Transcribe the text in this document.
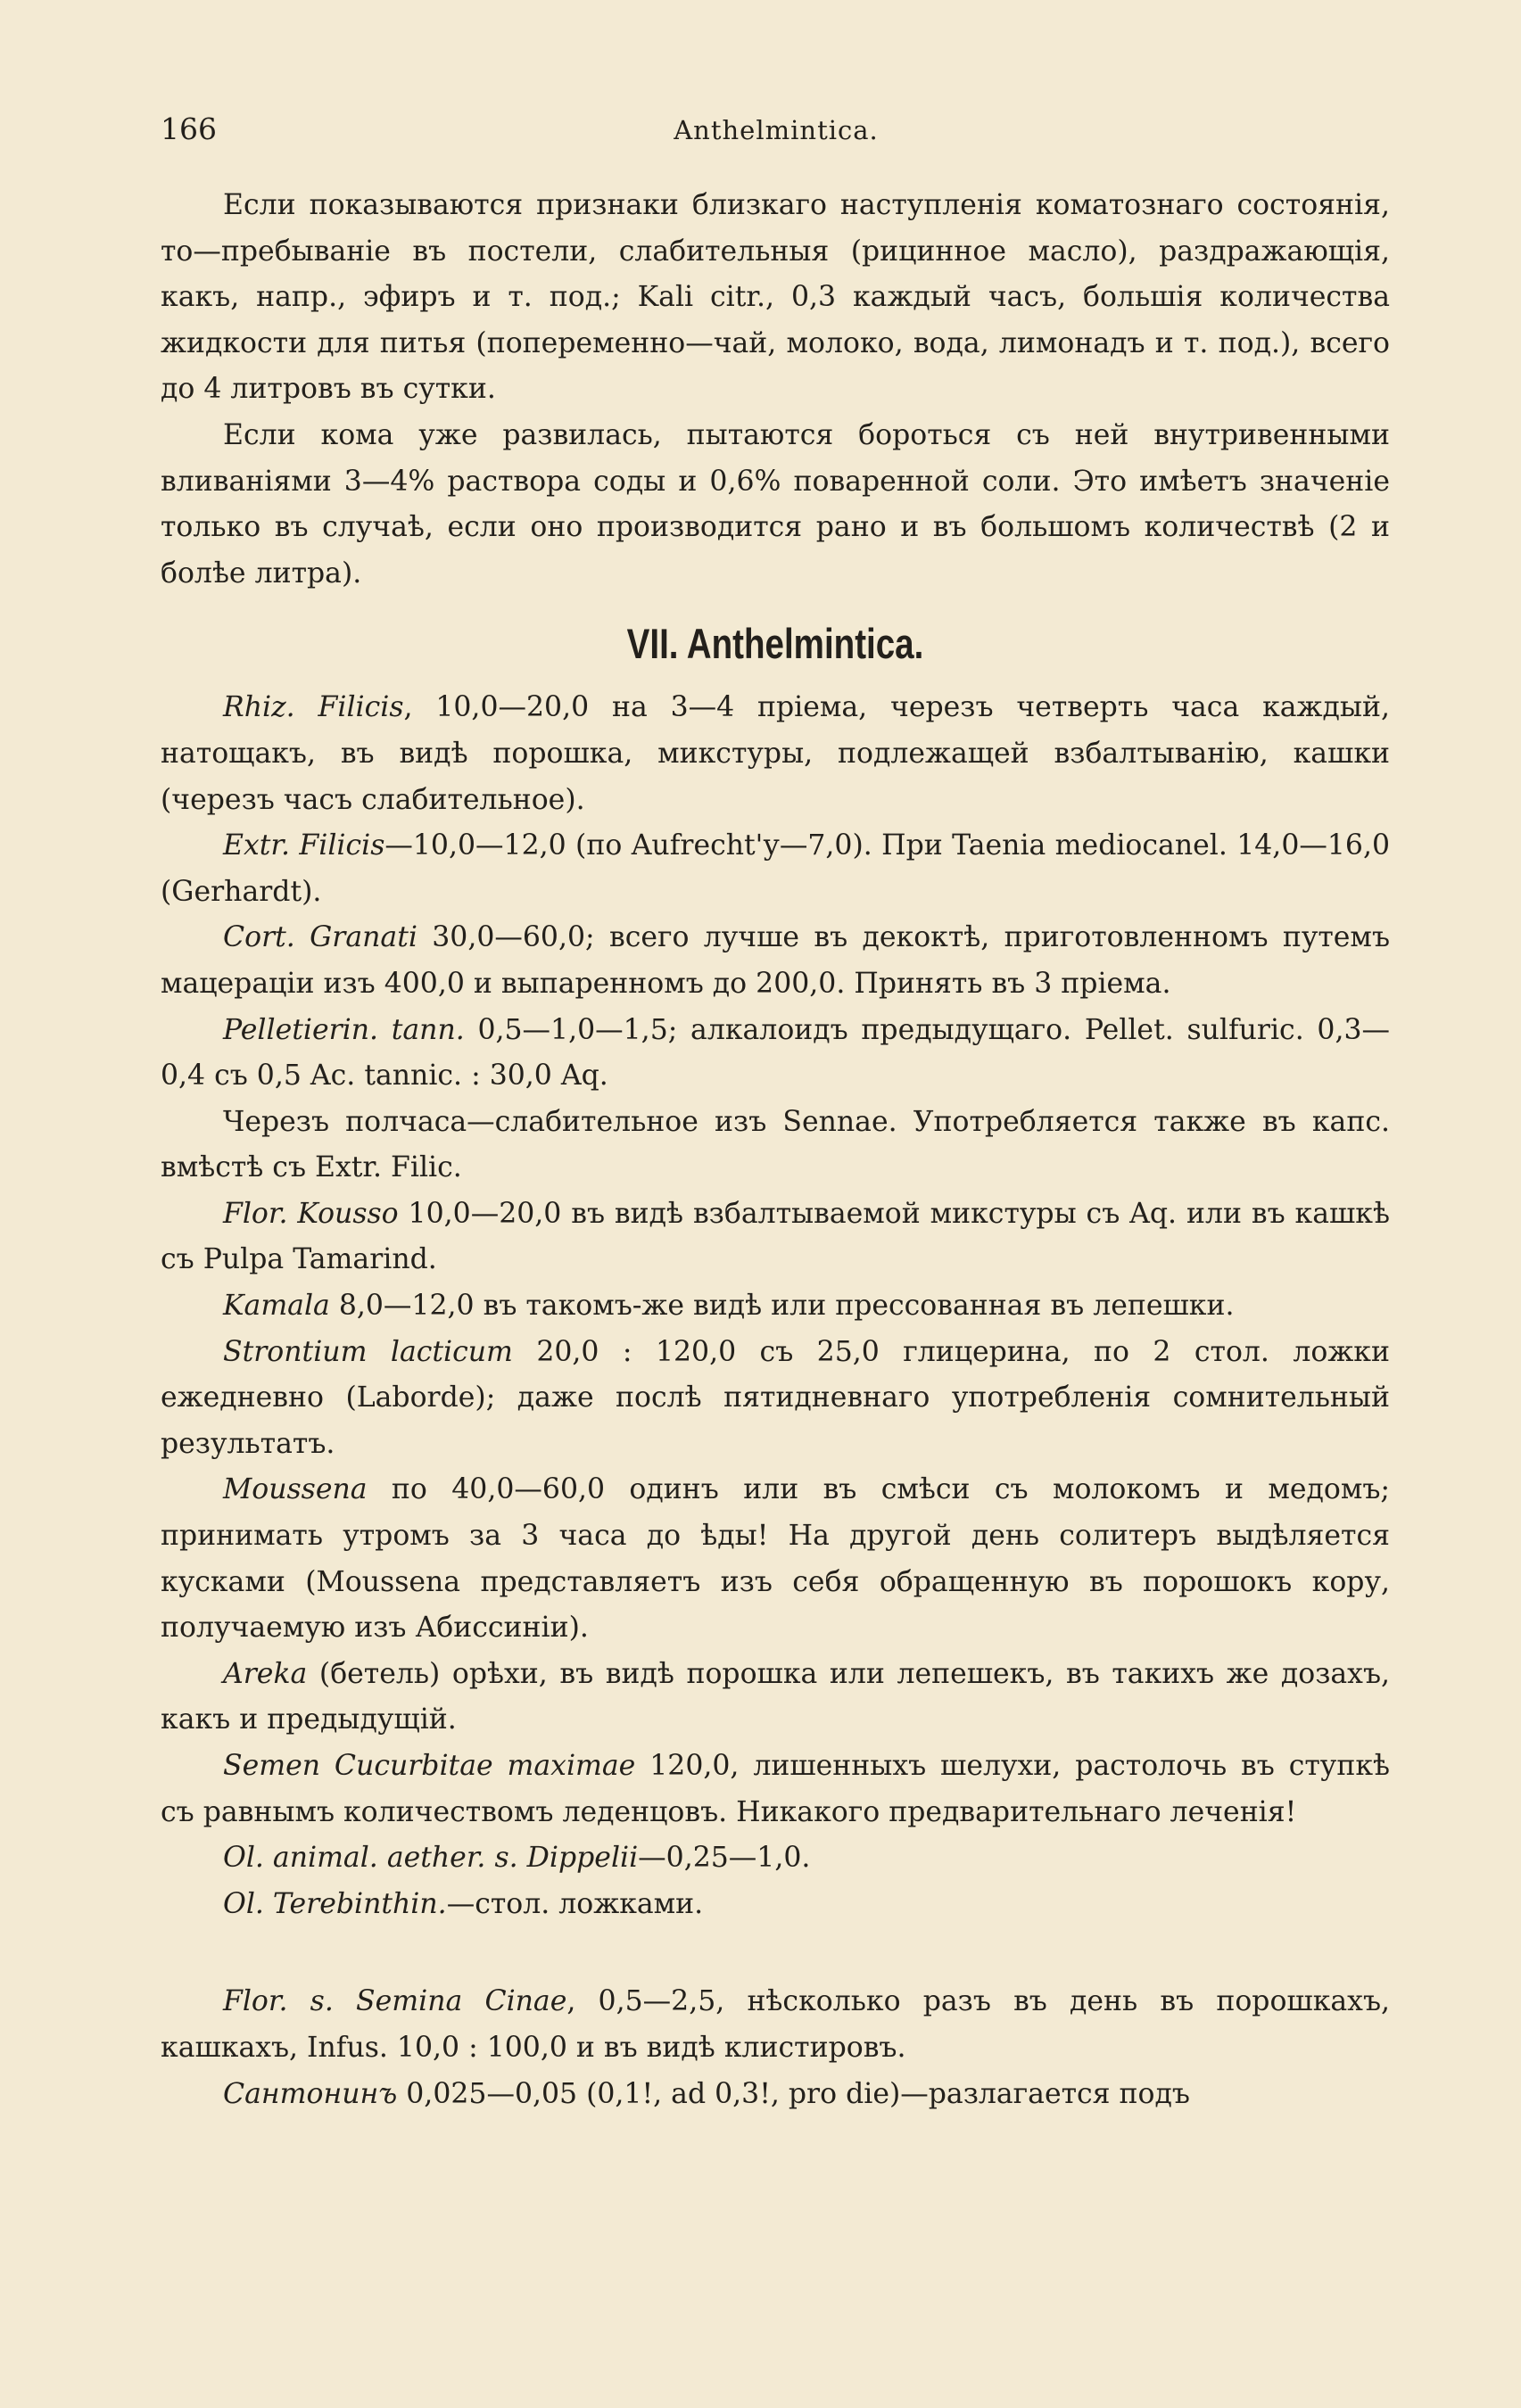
166	Anthelmintica.

Если показываются признаки близкаго наступленія коматознаго состоянія, то—пребываніе въ постели, слабительныя (рицинное масло), раздражающія, какъ, напр., эфиръ и т. под.; Kali citr., 0,3 каждый часъ, большія количества жидкости для питья (попеременно—чай, молоко, вода, лимонадъ и т. под.), всего до 4 литровъ въ сутки.

Если кома уже развилась, пытаются бороться съ ней внутривенными вливаніями 3—4% раствора соды и 0,6% поваренной соли. Это имѣетъ значеніе только въ случаѣ, если оно производится рано и въ большомъ количествѣ (2 и болѣе литра).

VII. Anthelmintica.

Rhiz. Filicis, 10,0—20,0 на 3—4 пріема, черезъ четверть часа каждый, натощакъ, въ видѣ порошка, микстуры, подлежащей взбалтыванію, кашки (черезъ часъ слабительное).

Extr. Filicis—10,0—12,0 (по Aufrecht'у—7,0). При Taenia mediocanel. 14,0—16,0 (Gerhardt).

Cort. Granati 30,0—60,0; всего лучше въ декоктѣ, приготовленномъ путемъ мацераціи изъ 400,0 и выпаренномъ до 200,0. Принять въ 3 пріема.

Pelletierin. tann. 0,5—1,0—1,5; алкалоидъ предыдущаго. Pellet. sulfuric. 0,3—0,4 съ 0,5 Ac. tannic. : 30,0 Aq.

Черезъ полчаса—слабительное изъ Sennae. Употребляется также въ капс. вмѣстѣ съ Extr. Filic.

Flor. Kousso 10,0—20,0 въ видѣ взбалтываемой микстуры съ Aq. или въ кашкѣ съ Pulpa Tamarind.

Kamala 8,0—12,0 въ такомъ-же видѣ или прессованная въ лепешки.

Strontium lacticum 20,0 : 120,0 съ 25,0 глицерина, по 2 стол. ложки ежедневно (Laborde); даже послѣ пятидневнаго употребленія сомнительный результатъ.

Moussena по 40,0—60,0 одинъ или въ смѣси съ молокомъ и медомъ; принимать утромъ за 3 часа до ѣды! На другой день солитеръ выдѣляется кусками (Moussena представляетъ изъ себя обращенную въ порошокъ кору, получаемую изъ Абиссиніи).

Areka (бетель) орѣхи, въ видѣ порошка или лепешекъ, въ такихъ же дозахъ, какъ и предыдущій.

Semen Cucurbitae maximae 120,0, лишенныхъ шелухи, растолочь въ ступкѣ съ равнымъ количествомъ леденцовъ. Никакого предварительнаго леченія!

Ol. animal. aether. s. Dippelii—0,25—1,0.

Ol. Terebinthin.—стол. ложками.

Flor. s. Semina Cinae, 0,5—2,5, нѣсколько разъ въ день въ порошкахъ, кашкахъ, Infus. 10,0 : 100,0 и въ видѣ клистировъ.

Сантонинъ 0,025—0,05 (0,1!, ad 0,3!, pro die)—разлагается подъ
